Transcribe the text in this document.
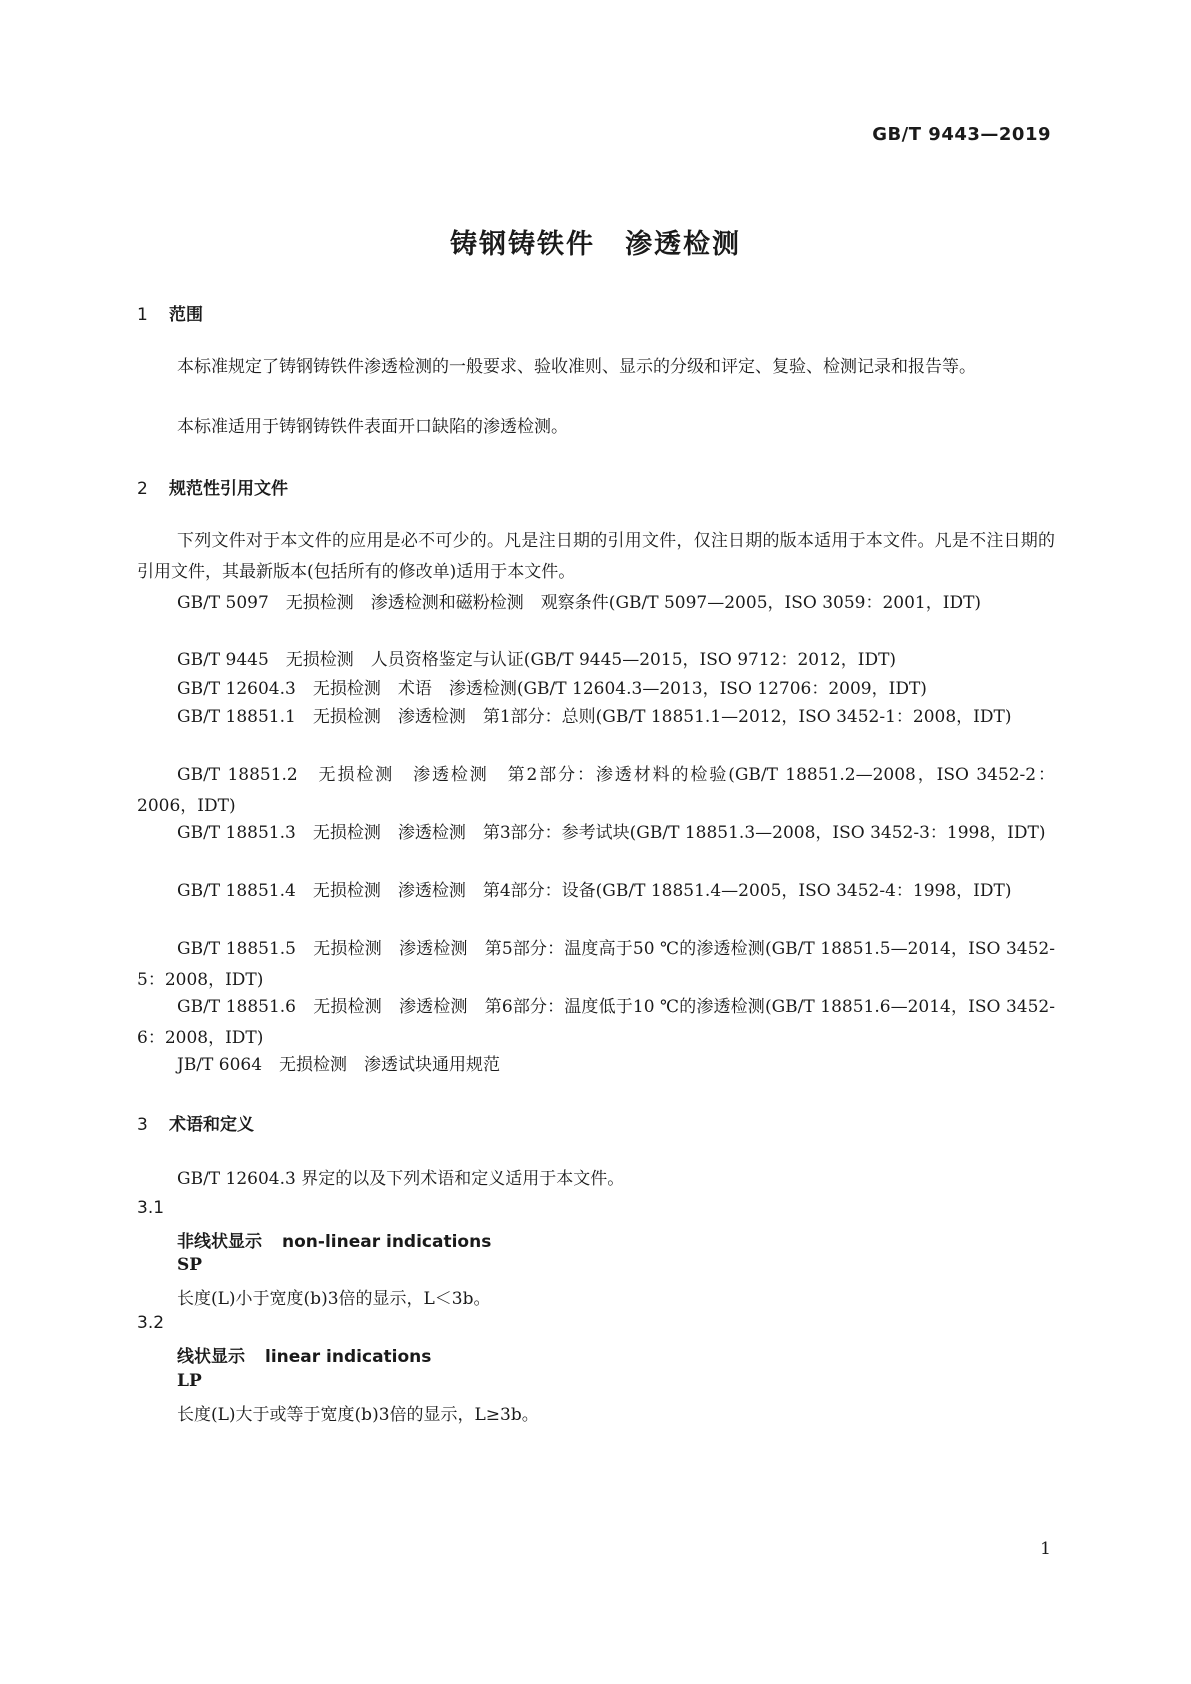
GB/T 9443—2019
铸钢铸铁件 渗透检测
1 范围
本标准规定了铸钢铸铁件渗透检测的一般要求、验收准则、显示的分级和评定、复验、检测记录和报告等。
本标准适用于铸钢铸铁件表面开口缺陷的渗透检测。
2 规范性引用文件
下列文件对于本文件的应用是必不可少的。凡是注日期的引用文件，仅注日期的版本适用于本文件。凡是不注日期的引用文件，其最新版本(包括所有的修改单)适用于本文件。
GB/T 5097　无损检测　渗透检测和磁粉检测　观察条件(GB/T 5097—2005，ISO 3059：2001，IDT)
GB/T 9445　无损检测　人员资格鉴定与认证(GB/T 9445—2015，ISO 9712：2012，IDT)
GB/T 12604.3　无损检测　术语　渗透检测(GB/T 12604.3—2013，ISO 12706：2009，IDT)
GB/T 18851.1　无损检测　渗透检测　第1部分：总则(GB/T 18851.1—2012，ISO 3452-1：2008，IDT)
GB/T 18851.2　无损检测　渗透检测　第2部分：渗透材料的检验(GB/T 18851.2—2008，ISO 3452-2：2006，IDT)
GB/T 18851.3　无损检测　渗透检测　第3部分：参考试块(GB/T 18851.3—2008，ISO 3452-3：1998，IDT)
GB/T 18851.4　无损检测　渗透检测　第4部分：设备(GB/T 18851.4—2005，ISO 3452-4：1998，IDT)
GB/T 18851.5　无损检测　渗透检测　第5部分：温度高于50 ℃的渗透检测(GB/T 18851.5—2014，ISO 3452-5：2008，IDT)
GB/T 18851.6　无损检测　渗透检测　第6部分：温度低于10 ℃的渗透检测(GB/T 18851.6—2014，ISO 3452-6：2008，IDT)
JB/T 6064　无损检测　渗透试块通用规范
3 术语和定义
GB/T 12604.3 界定的以及下列术语和定义适用于本文件。
3.1
非线状显示 non-linear indications
SP
长度(L)小于宽度(b)3倍的显示，L＜3b。
3.2
线状显示 linear indications
LP
长度(L)大于或等于宽度(b)3倍的显示，L≥3b。
1
